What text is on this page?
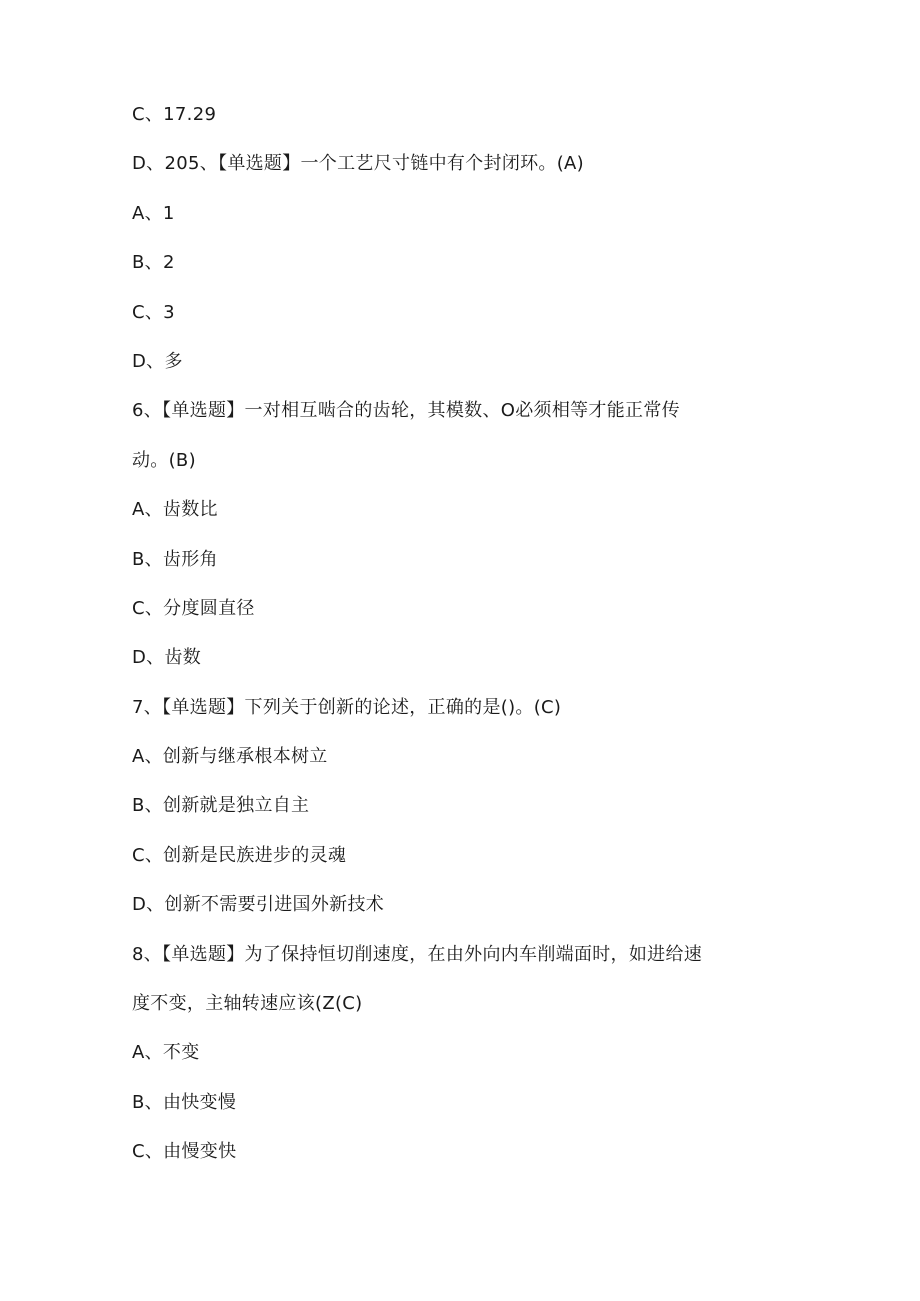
C、17.29
D、205、【单选题】一个工艺尺寸链中有个封闭环。(A)
A、1
B、2
C、3
D、多
6、【单选题】一对相互啮合的齿轮，其模数、O必须相等才能正常传
动。(B)
A、齿数比
B、齿形角
C、分度圆直径
D、齿数
7、【单选题】下列关于创新的论述，正确的是()。(C)
A、创新与继承根本树立
B、创新就是独立自主
C、创新是民族进步的灵魂
D、创新不需要引进国外新技术
8、【单选题】为了保持恒切削速度，在由外向内车削端面时，如进给速
度不变，主轴转速应该(Z(C)
A、不变
B、由快变慢
C、由慢变快
